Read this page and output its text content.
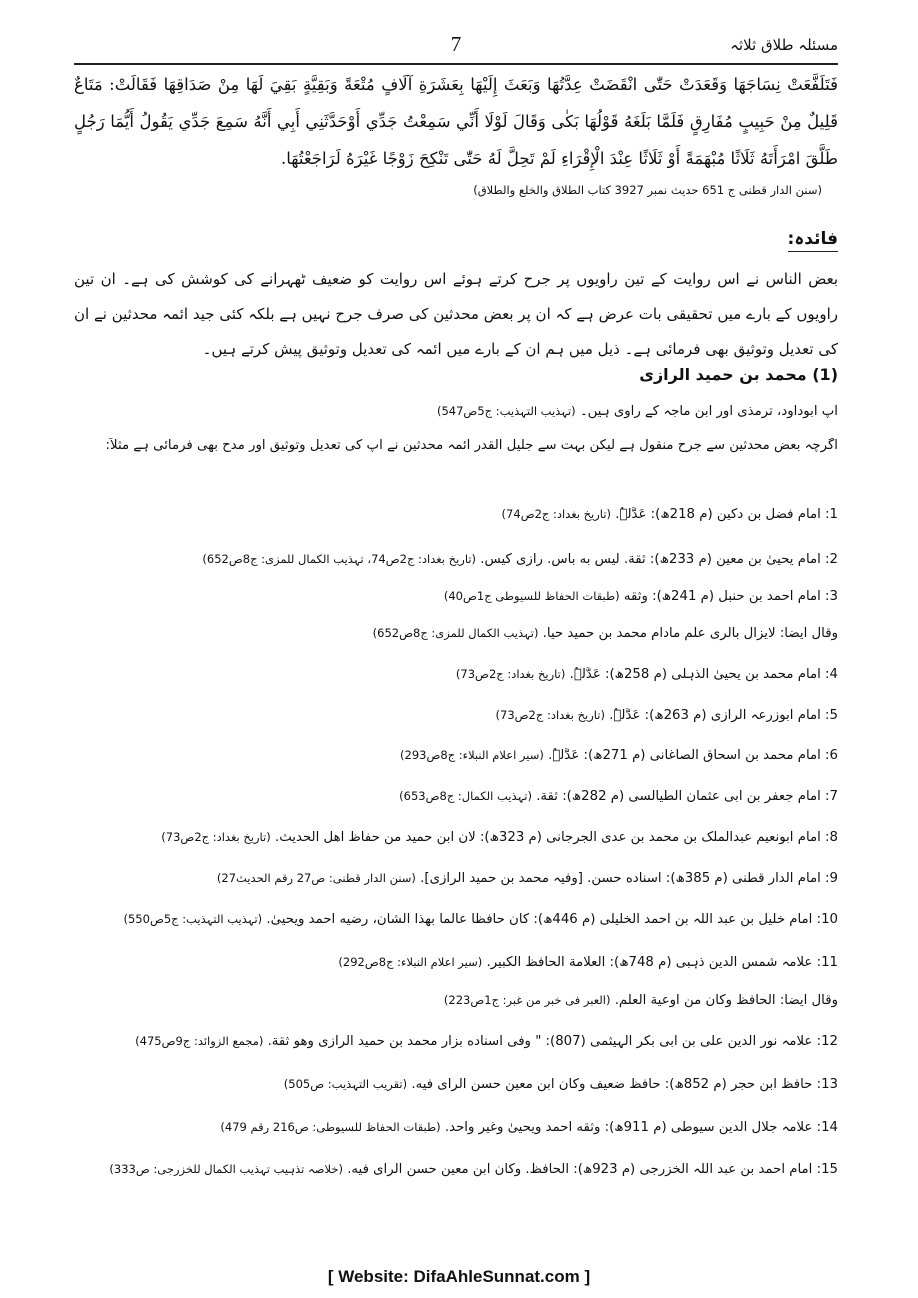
مسئلہ طلاق ثلاثہ
7
فَتَلَفَّعَتْ نِسَاجَهَا وَقَعَدَتْ حَتّٰى انْقَضَتْ عِدَّتُهَا وَبَعَثَ إِلَيْهَا بِعَشَرَةِ آلَافٍ مُتْعَةً وَبَقِيَّةٍ بَقِيَ لَهَا مِنْ صَدَاقِهَا فَقَالَتْ: مَتَاعٌ قَلِيلٌ مِنْ حَبِيبٍ مُفَارِقٍ فَلَمَّا بَلَغَهُ قَوْلُهَا بَكٰى وَقَالَ لَوْلَا أَنِّي سَمِعْتُ جَدِّي أَوْحَدَّثَنِي أَبِي أَنَّهُ سَمِعَ جَدِّي يَقُولُ أَيُّمَا رَجُلٍ طَلَّقَ امْرَأَتَهُ ثَلَاثًا مُبْهَمَةً أَوْ ثَلَاثًا عِنْدَ الْإِقْرَاءِ لَمْ تَحِلَّ لَهُ حَتّٰى تَنْكِحَ زَوْجًا غَيْرَهُ لَرَاجَعْتُهَا.
(سنن الدار قطنی ج 651 حدیث نمبر 3927 کتاب الطلاق والخلع والطلاق)
فائدہ:
بعض الناس نے اس روایت کے تین راویوں پر جرح کرتے ہوئے اس روایت کو ضعیف ٹھہرانے کی کوشش کی ہے۔ ان تین راویوں کے بارے میں تحقیقی بات عرض ہے کہ ان پر بعض محدثین کی صرف جرح نہیں ہے بلکہ کئی جید ائمہ محدثین نے ان کی تعدیل وتوثیق بھی فرمائی ہے۔ ذیل میں ہم ان کے بارے میں ائمہ کی تعدیل وتوثیق پیش کرتے ہیں۔
(1) محمد بن حمید الرازی
آپ ابوداود، ترمذی اور ابن ماجہ کے راوی ہیں۔ (تہذیب التہذیب: ج5ص547)
اگرچہ بعض محدثین سے جرح منقول ہے لیکن بہت سے جلیل القدر ائمہ محدثین نے آپ کی تعدیل وتوثیق اور مدح بھی فرمائی ہے مثلاً:
1: امام فضل بن دکین (م 218ھ): عَدَّلَہٗ. (تاریخ بغداد: ج2ص74)
2: امام یحییٰ بن معین (م 233ھ): ثقة. لیس به باس. رازی کیس. (تاریخ بغداد: ج2ص74، تہذیب الکمال للمزی: ج8ص652)
3: امام احمد بن حنبل (م 241ھ): وثقه (طبقات الحفاظ للسیوطی ج1ص40)
وقال ایضاً: لایزال بالری علم مادام محمد بن حمید حیاً. (تہذیب الکمال للمزی: ج8ص652)
4: امام محمد بن یحییٰ الذہلی (م 258ھ): عَدَّلَہٗ. (تاریخ بغداد: ج2ص73)
5: امام ابوزرعہ الرازی (م 263ھ): عَدَّلَہٗ. (تاریخ بغداد: ج2ص73)
6: امام محمد بن اسحاق الصاغانی (م 271ھ): عَدَّلَہٗ. (سیر اعلام النبلاء: ج8ص293)
7: امام جعفر بن ابی عثمان الطیالسی (م 282ھ): ثقة. (تہذیب الکمال: ج8ص653)
8: امام ابونعیم عبدالملک بن محمد بن عدی الجرجانی (م 323ھ): لان ابن حمید من حفاظ اهل الحدیث. (تاریخ بغداد: ج2ص73)
9: امام الدار قطنی (م 385ھ): اسناده حسن. [وفیہ محمد بن حمید الرازی]. (سنن الدار قطنی: ص27 رقم الحدیث27)
10: امام خلیل بن عبد اللہ بن احمد الخلیلی (م 446ھ): کان حافظاً عالماً بهذا الشان، رضیه احمد ویحییٰ. (تہذیب التہذیب: ج5ص550)
11: علامہ شمس الدین ذہبی (م 748ھ): العلامة الحافظ الکبیر. (سیر اعلام النبلاء: ج8ص292)
وقال ایضاً: الحافظ وکان من اوعیة العلم. (العبر فی خبر من غبر: ج1ص223)
12: علامہ نور الدین علی بن ابی بکر الہیثمی (807): " وفی اسناده بزار محمد بن حمید الرازی وهو ثقة. (مجمع الزوائد: ج9ص475)
13: حافظ ابن حجر (م 852ھ): حافظ ضعیف وکان ابن معین حسن الرای فیه. (تقریب التہذیب: ص505)
14: علامہ جلال الدین سیوطی (م 911ھ): وثقه احمد ویحییٰ وغیر واحد. (طبقات الحفاظ للسیوطی: ص216 رقم 479)
15: امام احمد بن عبد اللہ الخزرجی (م 923ھ): الحافظ. وکان ابن معین حسن الرای فیه. (خلاصہ تذہیب تہذیب الکمال للخزرجی: ص333)
[ Website: DifaAhleSunnat.com ]
